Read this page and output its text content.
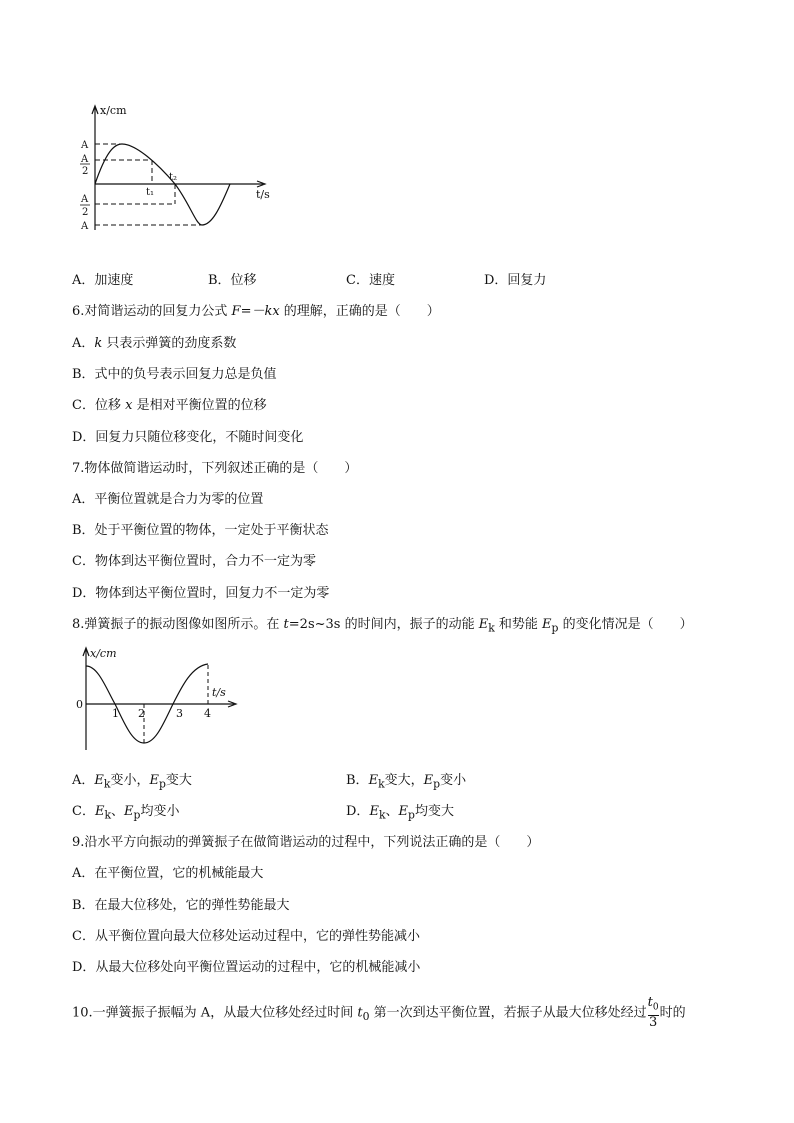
x/cm
t/s
A
A
2
t₁
t₂
A
2
A
A．加速度	B．位移	C．速度	D．回复力
6.对简谐运动的回复力公式 F=－kx 的理解，正确的是（　　）
A．k 只表示弹簧的劲度系数
B．式中的负号表示回复力总是负值
C．位移 x 是相对平衡位置的位移
D．回复力只随位移变化，不随时间变化
7.物体做简谐运动时，下列叙述正确的是（　　）
A．平衡位置就是合力为零的位置
B．处于平衡位置的物体，一定处于平衡状态
C．物体到达平衡位置时，合力不一定为零
D．物体到达平衡位置时，回复力不一定为零
8.弹簧振子的振动图像如图所示。在 t=2s~3s 的时间内，振子的动能 $E_k$ 和势能 $E_p$ 的变化情况是（　　）
x/cm
t/s
0
1 2	3 4
A．$E_k$变小，$E_p$变大	B．$E_k$变大，$E_p$变小
C．$E_k$、$E_p$均变小	D．$E_k$、$E_p$均变大
9.沿水平方向振动的弹簧振子在做简谐运动的过程中，下列说法正确的是（　　）
A．在平衡位置，它的机械能最大
B．在最大位移处，它的弹性势能最大
C．从平衡位置向最大位移处运动过程中，它的弹性势能减小
D．从最大位移处向平衡位置运动的过程中，它的机械能减小
10.一弹簧振子振幅为 A，从最大位移处经过时间 $t_0$ 第一次到达平衡位置，若振子从最大位移处经过 $\frac{t_0}{3}$ 时的
